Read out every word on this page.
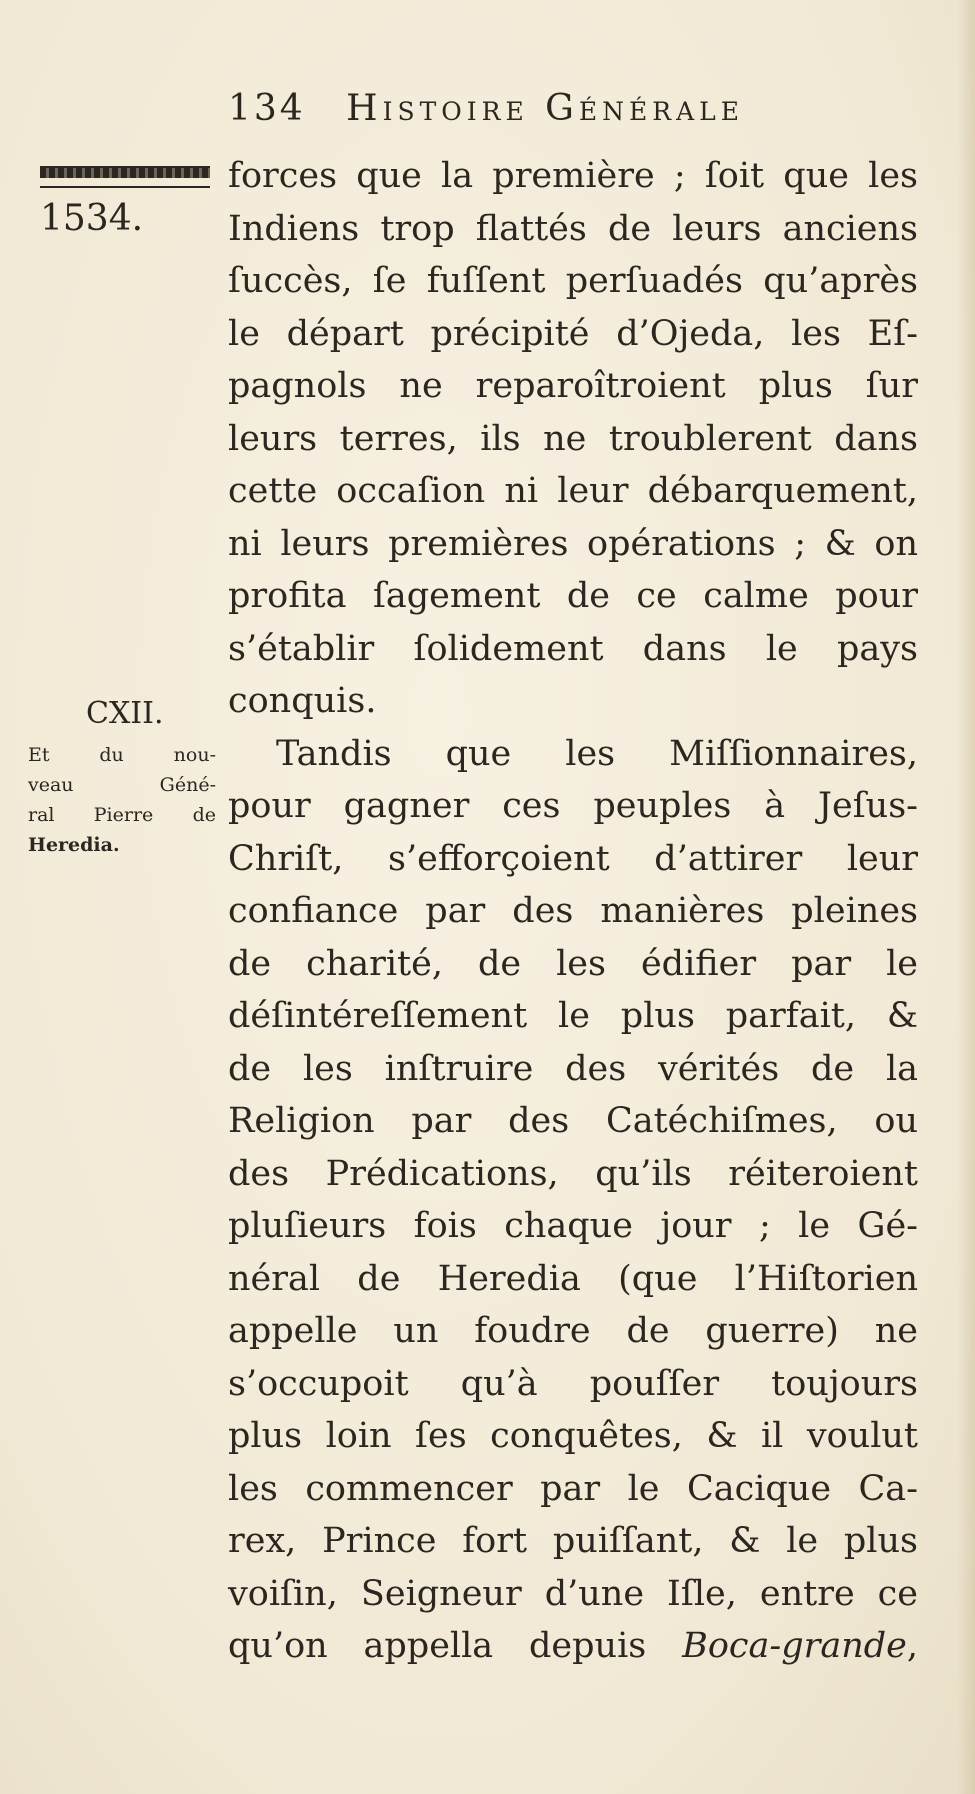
134 Histoire Générale
1534.
CXII.
Et du nou-
veau Géné-
ral Pierre de
Heredia.
forces que la première ; ſoit que les
Indiens trop flattés de leurs anciens
ſuccès, ſe fuſſent perſuadés qu’après
le départ précipité d’Ojeda, les Eſ-
pagnols ne reparoîtroient plus ſur
leurs terres, ils ne troublerent dans
cette occaſion ni leur débarquement,
ni leurs premières opérations ; & on
profita ſagement de ce calme pour
s’établir ſolidement dans le pays
conquis.
Tandis que les Miſſionnaires,
pour gagner ces peuples à Jeſus-
Chriſt, s’efforçoient d’attirer leur
confiance par des manières pleines
de charité, de les édifier par le
déſintéreſſement le plus parfait, &
de les inſtruire des vérités de la
Religion par des Catéchiſmes, ou
des Prédications, qu’ils réiteroient
pluſieurs fois chaque jour ; le Gé-
néral de Heredia (que l’Hiſtorien
appelle un foudre de guerre) ne
s’occupoit qu’à pouſſer toujours
plus loin ſes conquêtes, & il voulut
les commencer par le Cacique Ca-
rex, Prince fort puiſſant, & le plus
voiſin, Seigneur d’une Iſle, entre ce
qu’on appella depuis Boca-grande,
